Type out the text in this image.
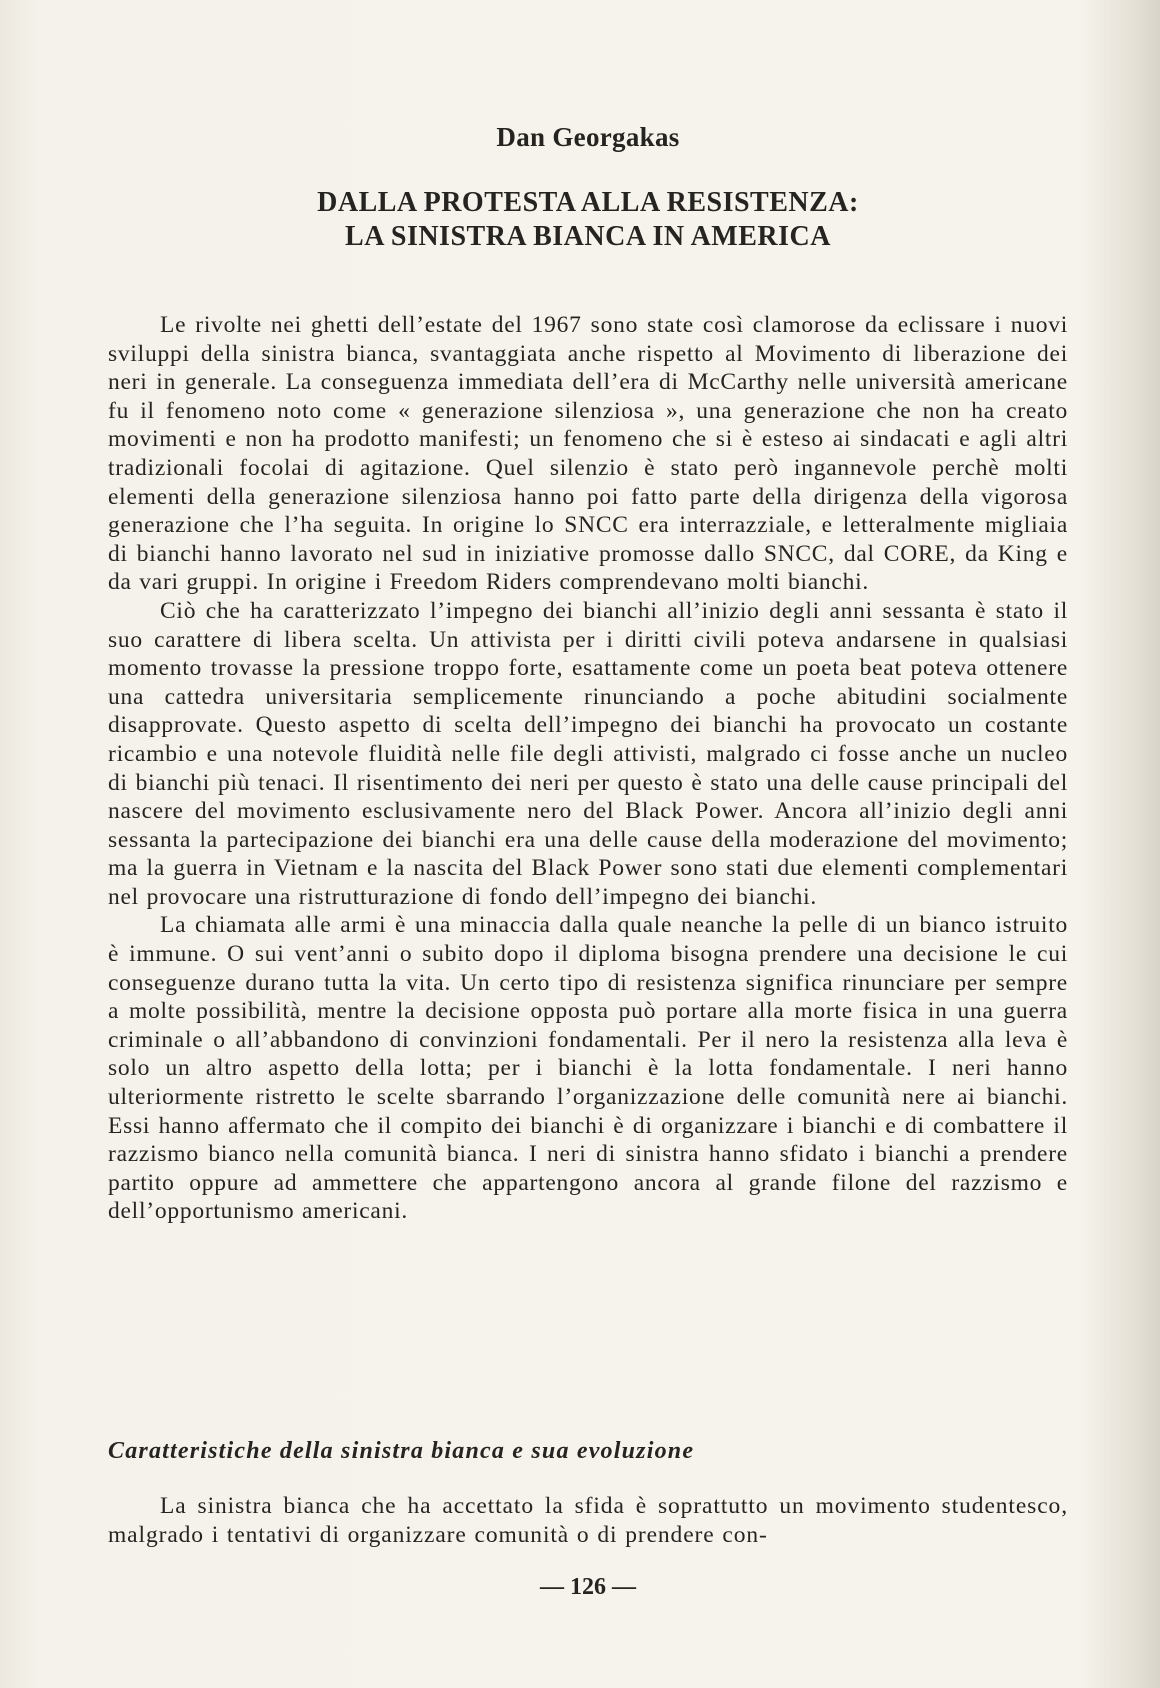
Dan Georgakas
DALLA PROTESTA ALLA RESISTENZA:
LA SINISTRA BIANCA IN AMERICA

Le rivolte nei ghetti dell’estate del 1967 sono state così clamorose da eclissare i nuovi sviluppi della sinistra bianca, svantaggiata anche rispetto al Movimento di liberazione dei neri in generale. La conseguenza immediata dell’era di McCarthy nelle università americane fu il fenomeno noto come « generazione silenziosa », una generazione che non ha creato movimenti e non ha prodotto manifesti; un fenomeno che si è esteso ai sindacati e agli altri tradizionali focolai di agitazione. Quel silenzio è stato però ingannevole perchè molti elementi della generazione silenziosa hanno poi fatto parte della dirigenza della vigorosa generazione che l’ha seguita. In origine lo SNCC era interrazziale, e letteralmente migliaia di bianchi hanno lavorato nel sud in iniziative promosse dallo SNCC, dal CORE, da King e da vari gruppi. In origine i Freedom Riders comprendevano molti bianchi.

Ciò che ha caratterizzato l’impegno dei bianchi all’inizio degli anni sessanta è stato il suo carattere di libera scelta. Un attivista per i diritti civili poteva andarsene in qualsiasi momento trovasse la pressione troppo forte, esattamente come un poeta beat poteva ottenere una cattedra universitaria semplicemente rinunciando a poche abitudini socialmente disapprovate. Questo aspetto di scelta dell’impegno dei bianchi ha provocato un costante ricambio e una notevole fluidità nelle file degli attivisti, malgrado ci fosse anche un nucleo di bianchi più tenaci. Il risentimento dei neri per questo è stato una delle cause principali del nascere del movimento esclusivamente nero del Black Power. Ancora all’inizio degli anni sessanta la partecipazione dei bianchi era una delle cause della moderazione del movimento; ma la guerra in Vietnam e la nascita del Black Power sono stati due elementi complementari nel provocare una ristrutturazione di fondo dell’impegno dei bianchi.

La chiamata alle armi è una minaccia dalla quale neanche la pelle di un bianco istruito è immune. O sui vent’anni o subito dopo il diploma bisogna prendere una decisione le cui conseguenze durano tutta la vita. Un certo tipo di resistenza significa rinunciare per sempre a molte possibilità, mentre la decisione opposta può portare alla morte fisica in una guerra criminale o all’abbandono di convinzioni fondamentali. Per il nero la resistenza alla leva è solo un altro aspetto della lotta; per i bianchi è la lotta fondamentale. I neri hanno ulteriormente ristretto le scelte sbarrando l’organizzazione delle comunità nere ai bianchi. Essi hanno affermato che il compito dei bianchi è di organizzare i bianchi e di combattere il razzismo bianco nella comunità bianca. I neri di sinistra hanno sfidato i bianchi a prendere partito oppure ad ammettere che appartengono ancora al grande filone del razzismo e dell’opportunismo americani.

Caratteristiche della sinistra bianca e sua evoluzione

La sinistra bianca che ha accettato la sfida è soprattutto un movimento studentesco, malgrado i tentativi di organizzare comunità o di prendere con-

— 126 —
